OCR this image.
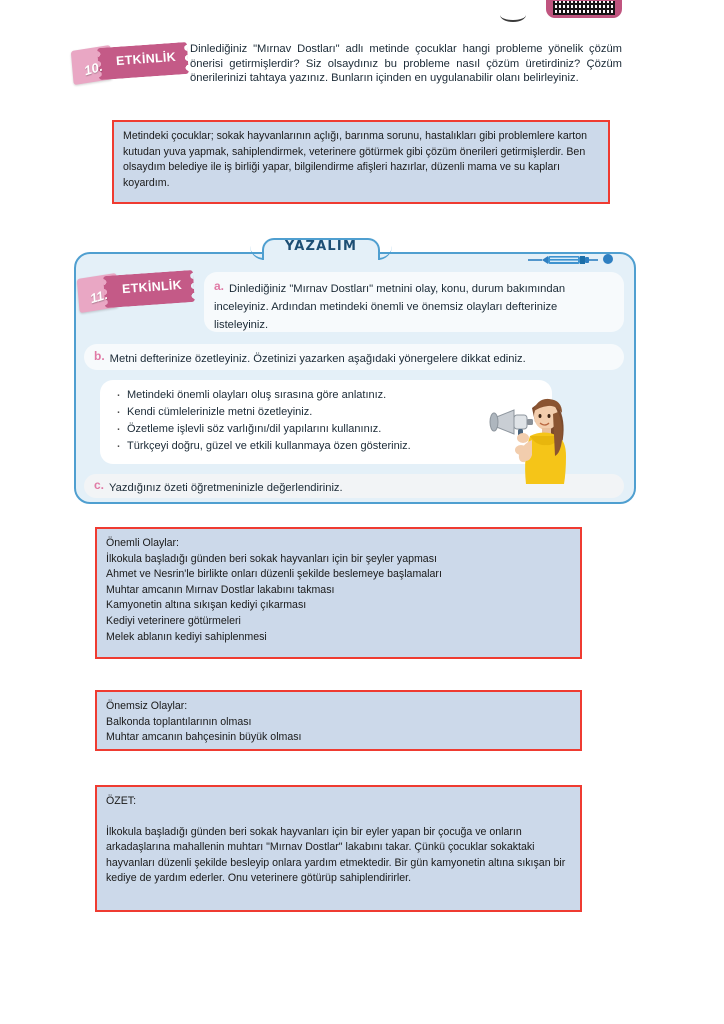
10. ETKİNLİK
Dinlediğiniz "Mırnav Dostları" adlı metinde çocuklar hangi probleme yönelik çözüm önerisi getirmişlerdir? Siz olsaydınız bu probleme nasıl çözüm üretirdiniz? Çözüm önerilerinizi tahtaya yazınız. Bunların içinden en uygulanabilir olanı belirleyiniz.

Metindeki çocuklar; sokak hayvanlarının açlığı, barınma sorunu, hastalıkları gibi problemlere karton kutudan yuva yapmak, sahiplendirmek, veterinere götürmek gibi çözüm önerileri getirmişlerdir. Ben olsaydım belediye ile iş birliği yapar, bilgilendirme afişleri hazırlar, düzenli mama ve su kapları koyardım.

YAZALIM
11. ETKİNLİK	a. Dinlediğiniz "Mırnav Dostları" metnini olay, konu, durum bakımından inceleyiniz. Ardından metindeki önemli ve önemsiz olayları defterinize listeleyiniz.
b. Metni defterinize özetleyiniz. Özetinizi yazarken aşağıdaki yönergelere dikkat ediniz.
· Metindeki önemli olayları oluş sırasına göre anlatınız.
· Kendi cümlelerinizle metni özetleyiniz.
· Özetleme işlevli söz varlığını/dil yapılarını kullanınız.
· Türkçeyi doğru, güzel ve etkili kullanmaya özen gösteriniz.
c. Yazdığınız özeti öğretmeninizle değerlendiriniz.

Önemli Olaylar:

İlkokula başladığı günden beri sokak hayvanları için bir şeyler yapması

Ahmet ve Nesrin'le birlikte onları düzenli şekilde beslemeye başlamaları

Muhtar amcanın Mırnav Dostlar lakabını takması

Kamyonetin altına sıkışan kediyi çıkarması

Kediyi veterinere götürmeleri

Melek ablanın kediyi sahiplenmesi

Önemsiz Olaylar:

Balkonda toplantılarının olması

Muhtar amcanın bahçesinin büyük olması

ÖZET:

İlkokula başladığı günden beri sokak hayvanları için bir eyler yapan bir çocuğa ve onların arkadaşlarına mahallenin muhtarı "Mırnav Dostlar" lakabını takar. Çünkü çocuklar sokaktaki hayvanları düzenli şekilde besleyip onlara yardım etmektedir. Bir gün kamyonetin altına sıkışan bir kediye de yardım ederler. Onu veterinere götürüp sahiplendirirler.
